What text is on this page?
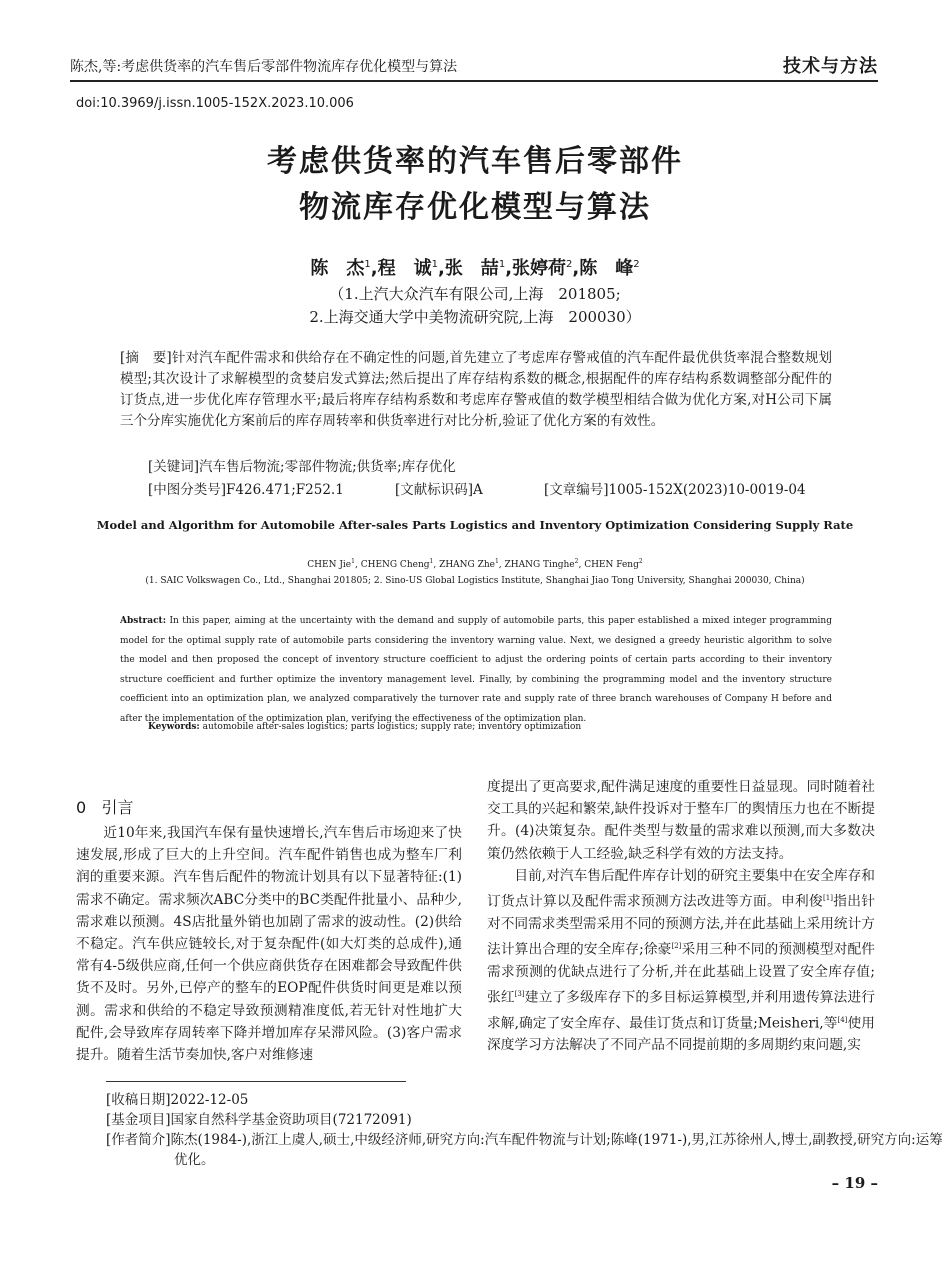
陈杰,等:考虑供货率的汽车售后零部件物流库存优化模型与算法	技术与方法
doi:10.3969/j.issn.1005-152X.2023.10.006
考虑供货率的汽车售后零部件
物流库存优化模型与算法
陈　杰$^1$,程　诚$^1$,张　喆$^1$,张婷荷$^2$,陈　峰$^2$
（1.上汽大众汽车有限公司,上海　201805;
2.上海交通大学中美物流研究院,上海　200030）
[摘　要]针对汽车配件需求和供给存在不确定性的问题,首先建立了考虑库存警戒值的汽车配件最优供货率混合整数规划模型;其次设计了求解模型的贪婪启发式算法;然后提出了库存结构系数的概念,根据配件的库存结构系数调整部分配件的订货点,进一步优化库存管理水平;最后将库存结构系数和考虑库存警戒值的数学模型相结合做为优化方案,对H公司下属三个分库实施优化方案前后的库存周转率和供货率进行对比分析,验证了优化方案的有效性。
[关键词]汽车售后物流;零部件物流;供货率;库存优化
[中图分类号]F426.471;F252.1	[文献标识码]A	[文章编号]1005-152X(2023)10-0019-04
Model and Algorithm for Automobile After-sales Parts Logistics and Inventory Optimization Considering Supply Rate
CHEN Jie$^1$, CHENG Cheng$^1$, ZHANG Zhe$^1$, ZHANG Tinghe$^2$, CHEN Feng$^2$
(1. SAIC Volkswagen Co., Ltd., Shanghai 201805; 2. Sino-US Global Logistics Institute, Shanghai Jiao Tong University, Shanghai 200030, China)
Abstract: In this paper, aiming at the uncertainty with the demand and supply of automobile parts, this paper established a mixed integer programming model for the optimal supply rate of automobile parts considering the inventory warning value. Next, we designed a greedy heuristic algorithm to solve the model and then proposed the concept of inventory structure coefficient to adjust the ordering points of certain parts according to their inventory structure coefficient and further optimize the inventory management level. Finally, by combining the programming model and the inventory structure coefficient into an optimization plan, we analyzed comparatively the turnover rate and supply rate of three branch warehouses of Company H before and after the implementation of the optimization plan, verifying the effectiveness of the optimization plan.
Keywords: automobile after-sales logistics; parts logistics; supply rate; inventory optimization
0 引言

近10年来,我国汽车保有量快速增长,汽车售后市场迎来了快速发展,形成了巨大的上升空间。汽车配件销售也成为整车厂利润的重要来源。汽车售后配件的物流计划具有以下显著特征:(1)需求不确定。需求频次ABC分类中的BC类配件批量小、品种少,需求难以预测。4S店批量外销也加剧了需求的波动性。(2)供给不稳定。汽车供应链较长,对于复杂配件(如大灯类的总成件),通常有4-5级供应商,任何一个供应商供货存在困难都会导致配件供货不及时。另外,已停产的整车的EOP配件供货时间更是难以预测。需求和供给的不稳定导致预测精准度低,若无针对性地扩大配件,会导致库存周转率下降并增加库存呆滞风险。(3)客户需求提升。随着生活节奏加快,客户对维修速

度提出了更高要求,配件满足速度的重要性日益显现。同时随着社交工具的兴起和繁荣,缺件投诉对于整车厂的舆情压力也在不断提升。(4)决策复杂。配件类型与数量的需求难以预测,而大多数决策仍然依赖于人工经验,缺乏科学有效的方法支持。

目前,对汽车售后配件库存计划的研究主要集中在安全库存和订货点计算以及配件需求预测方法改进等方面。申利俊[1]指出针对不同需求类型需采用不同的预测方法,并在此基础上采用统计方法计算出合理的安全库存;徐豪[2]采用三种不同的预测模型对配件需求预测的优缺点进行了分析,并在此基础上设置了安全库存值;张红[3]建立了多级库存下的多目标运算模型,并利用遗传算法进行求解,确定了安全库存、最佳订货点和订货量;Meisheri,等[4]使用深度学习方法解决了不同产品不同提前期的多周期约束问题,实

[收稿日期]2022-12-05
[基金项目]国家自然科学基金资助项目(72172091)
[作者简介]陈杰(1984-),浙江上虞人,硕士,中级经济师,研究方向:汽车配件物流与计划;陈峰(1971-),男,江苏徐州人,博士,副教授,研究方向:运筹优化。
– 19 –
